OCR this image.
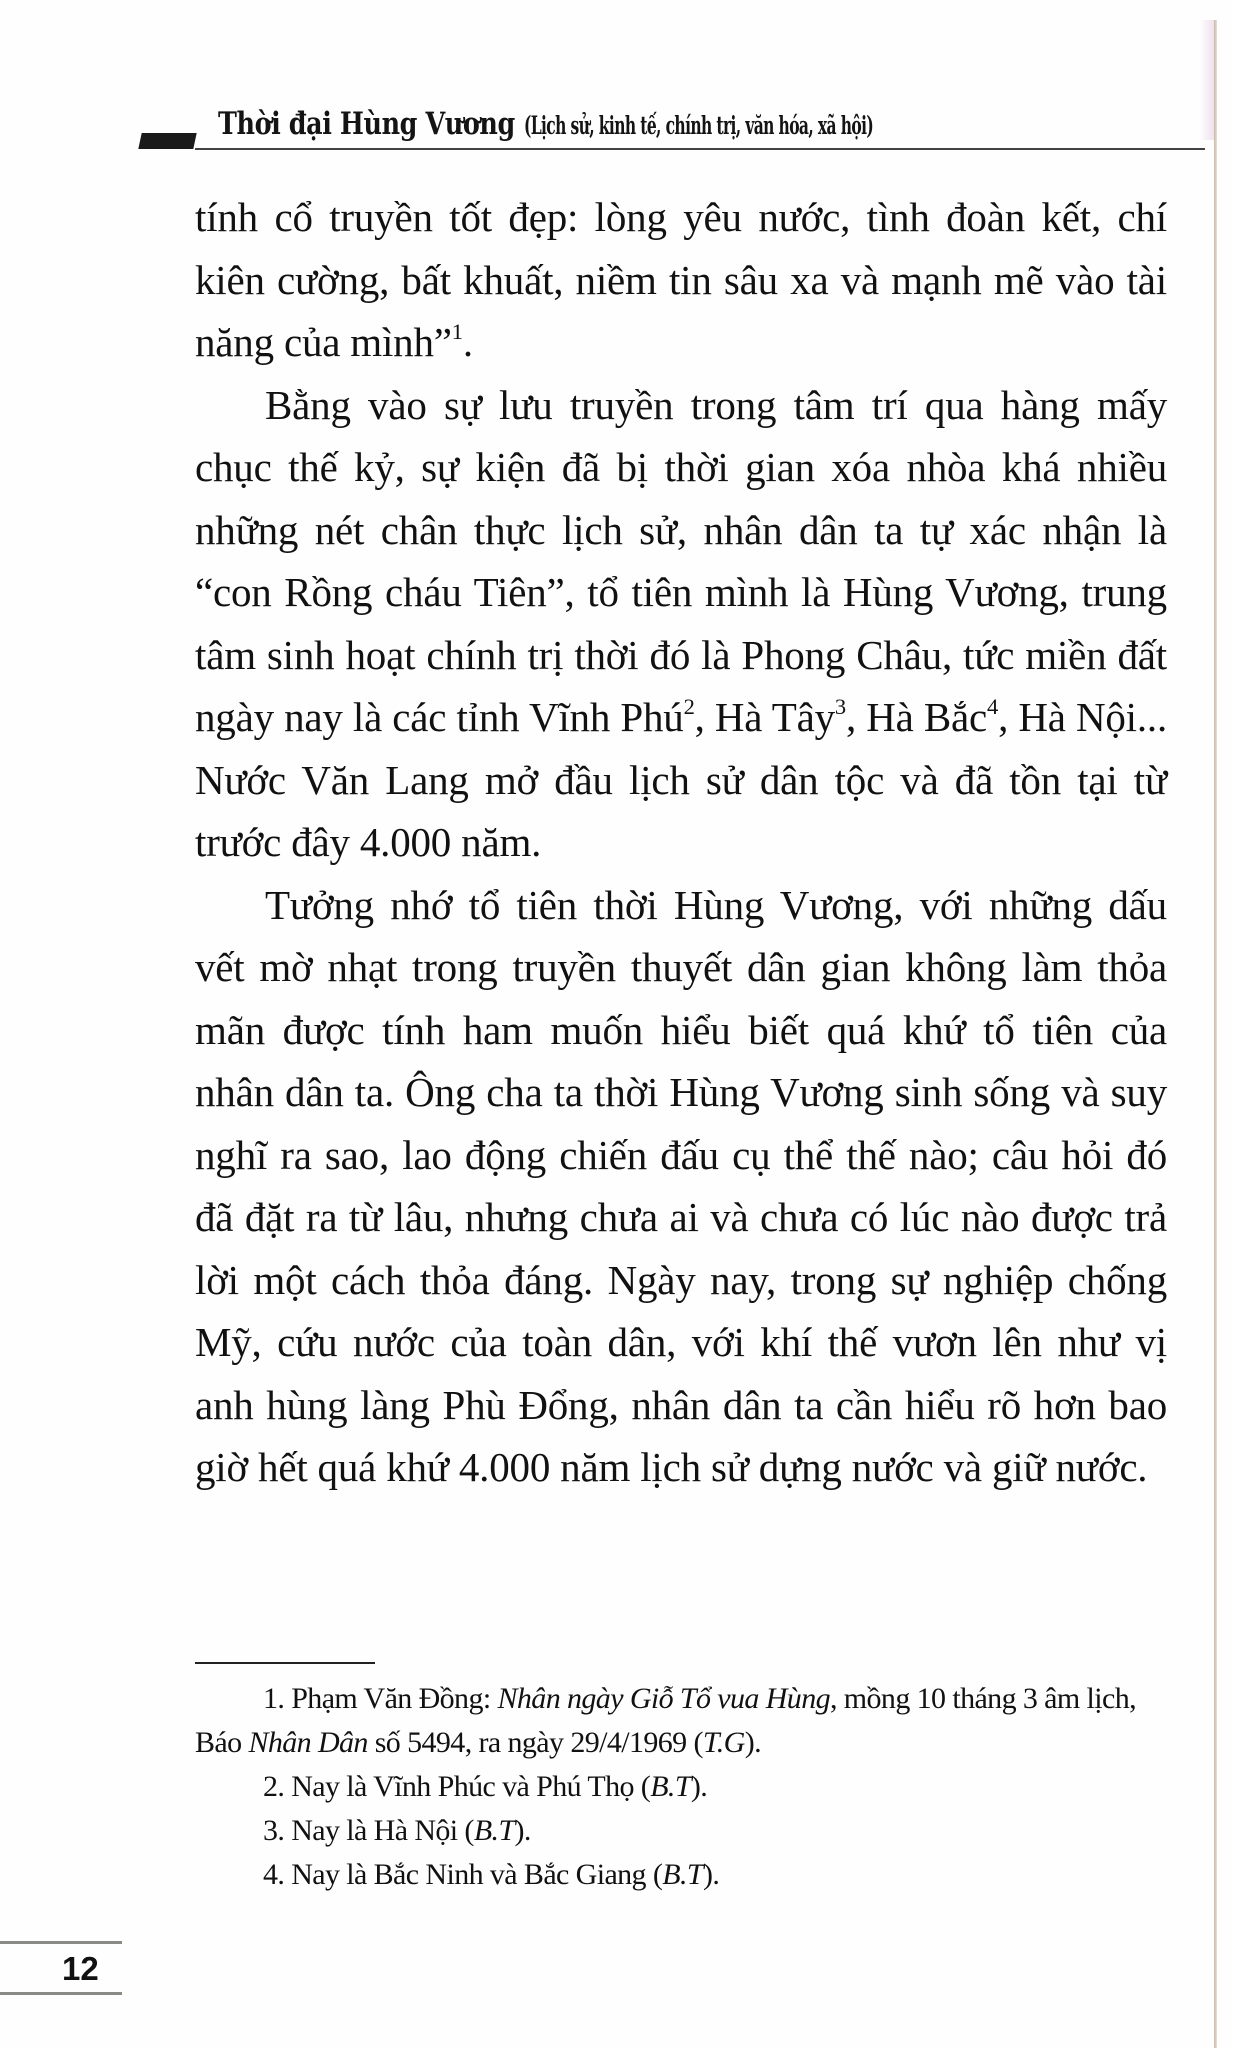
Thời đại Hùng Vương (Lịch sử, kinh tế, chính trị, văn hóa, xã hội)

tính cổ truyền tốt đẹp: lòng yêu nước, tình đoàn kết, chí kiên cường, bất khuất, niềm tin sâu xa và mạnh mẽ vào tài năng của mình”$^1$.

Bằng vào sự lưu truyền trong tâm trí qua hàng mấy chục thế kỷ, sự kiện đã bị thời gian xóa nhòa khá nhiều những nét chân thực lịch sử, nhân dân ta tự xác nhận là “con Rồng cháu Tiên”, tổ tiên mình là Hùng Vương, trung tâm sinh hoạt chính trị thời đó là Phong Châu, tức miền đất ngày nay là các tỉnh Vĩnh Phú$^2$, Hà Tây$^3$, Hà Bắc$^4$, Hà Nội... Nước Văn Lang mở đầu lịch sử dân tộc và đã tồn tại từ trước đây 4.000 năm.

Tưởng nhớ tổ tiên thời Hùng Vương, với những dấu vết mờ nhạt trong truyền thuyết dân gian không làm thỏa mãn được tính ham muốn hiểu biết quá khứ tổ tiên của nhân dân ta. Ông cha ta thời Hùng Vương sinh sống và suy nghĩ ra sao, lao động chiến đấu cụ thể thế nào; câu hỏi đó đã đặt ra từ lâu, nhưng chưa ai và chưa có lúc nào được trả lời một cách thỏa đáng. Ngày nay, trong sự nghiệp chống Mỹ, cứu nước của toàn dân, với khí thế vươn lên như vị anh hùng làng Phù Đổng, nhân dân ta cần hiểu rõ hơn bao giờ hết quá khứ 4.000 năm lịch sử dựng nước và giữ nước.

1. Phạm Văn Đồng: Nhân ngày Giỗ Tổ vua Hùng, mồng 10 tháng 3 âm lịch, Báo Nhân Dân số 5494, ra ngày 29/4/1969 (T.G).

2. Nay là Vĩnh Phúc và Phú Thọ (B.T).

3. Nay là Hà Nội (B.T).

4. Nay là Bắc Ninh và Bắc Giang (B.T).

12
